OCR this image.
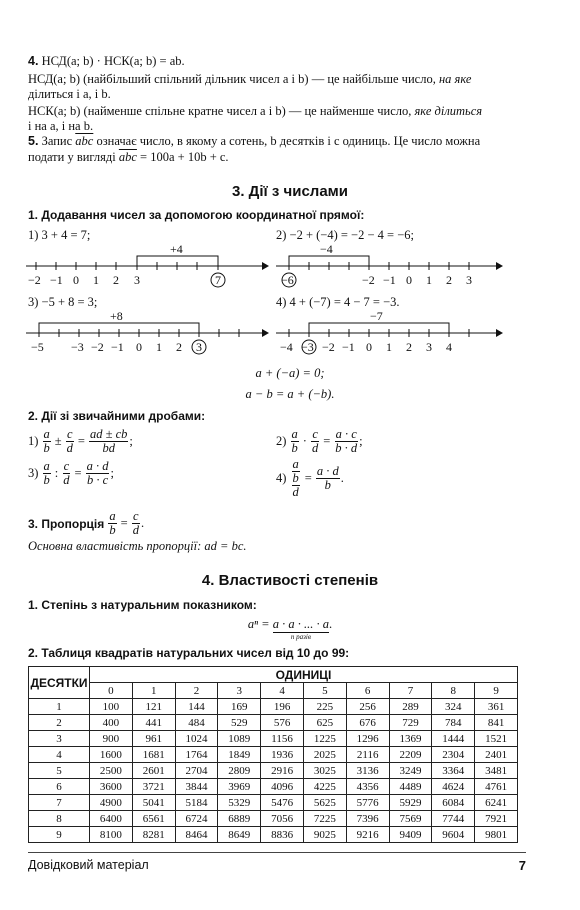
4. НСД(a; b) · НСК(a; b) = ab.
НСД(a; b) (найбільший спільний дільник чисел a і b) — це найбільше число, на яке
ділиться і a, і b.
НСК(a; b) (найменше спільне кратне чисел a і b) — це найменше число, яке ділиться
і на a, і на b.
5. Запис $\overline{abc}$ означає число, в якому a сотень, b десятків і c одиниць. Це число можна
подати у вигляді $\overline{abc} = 100a + 10b + c$.
3. Дії з числами
1. Додавання чисел за допомогою координатної прямої:
1) 3 + 4 = 7;	2) −2 + (−4) = −2 − 4 = −6;
+4
−2 −1 0 1 2 3	7
−4
−6	−2 −1 0 1 2 3
3) −5 + 8 = 3;	4) 4 + (−7) = 4 − 7 = −3.
+8
−5 −3 −2 −1 0 1 2 3
−7
−4 −3 −2 −1 0 1 2 3 4
a + (−a) = 0;
a − b = a + (−b).
2. Дії зі звичайними дробами:
1)
$\frac{a}{b} \pm \frac{c}{d} = \frac{ad \pm cb}{bd}$ ;	2)
$\frac{a}{b} \cdot \frac{c}{d} = \frac{a \cdot c}{b \cdot d}$ ;
3)
$\frac{a}{b}$ : $\frac{c}{d} = \frac{a \cdot d}{b \cdot c}$ ;	4)
a
b
$d = \frac{a \cdot d}{b}$ .
3. Пропорція
$\frac{a}{b} = \frac{c}{d}$ .
Основна властивість пропорції: ad = bc.
4. Властивості степенів
1. Степінь з натуральним показником:
aⁿ = a · a · ... · a
n разів
.
2. Таблиця квадратів натуральних чисел від 10 до 99:
ДЕСЯТКИ	ОДИНИЦІ									
	0	1	2	3	4	5	6	7	8	9
1	100	121	144	169	196	225	256	289	324	361
2	400	441	484	529	576	625	676	729	784	841
3	900	961	1024	1089	1156	1225	1296	1369	1444	1521
4	1600	1681	1764	1849	1936	2025	2116	2209	2304	2401
5	2500	2601	2704	2809	2916	3025	3136	3249	3364	3481
6	3600	3721	3844	3969	4096	4225	4356	4489	4624	4761
7	4900	5041	5184	5329	5476	5625	5776	5929	6084	6241
8	6400	6561	6724	6889	7056	7225	7396	7569	7744	7921
9	8100	8281	8464	8649	8836	9025	9216	9409	9604	9801
Довідковий матеріал	7
